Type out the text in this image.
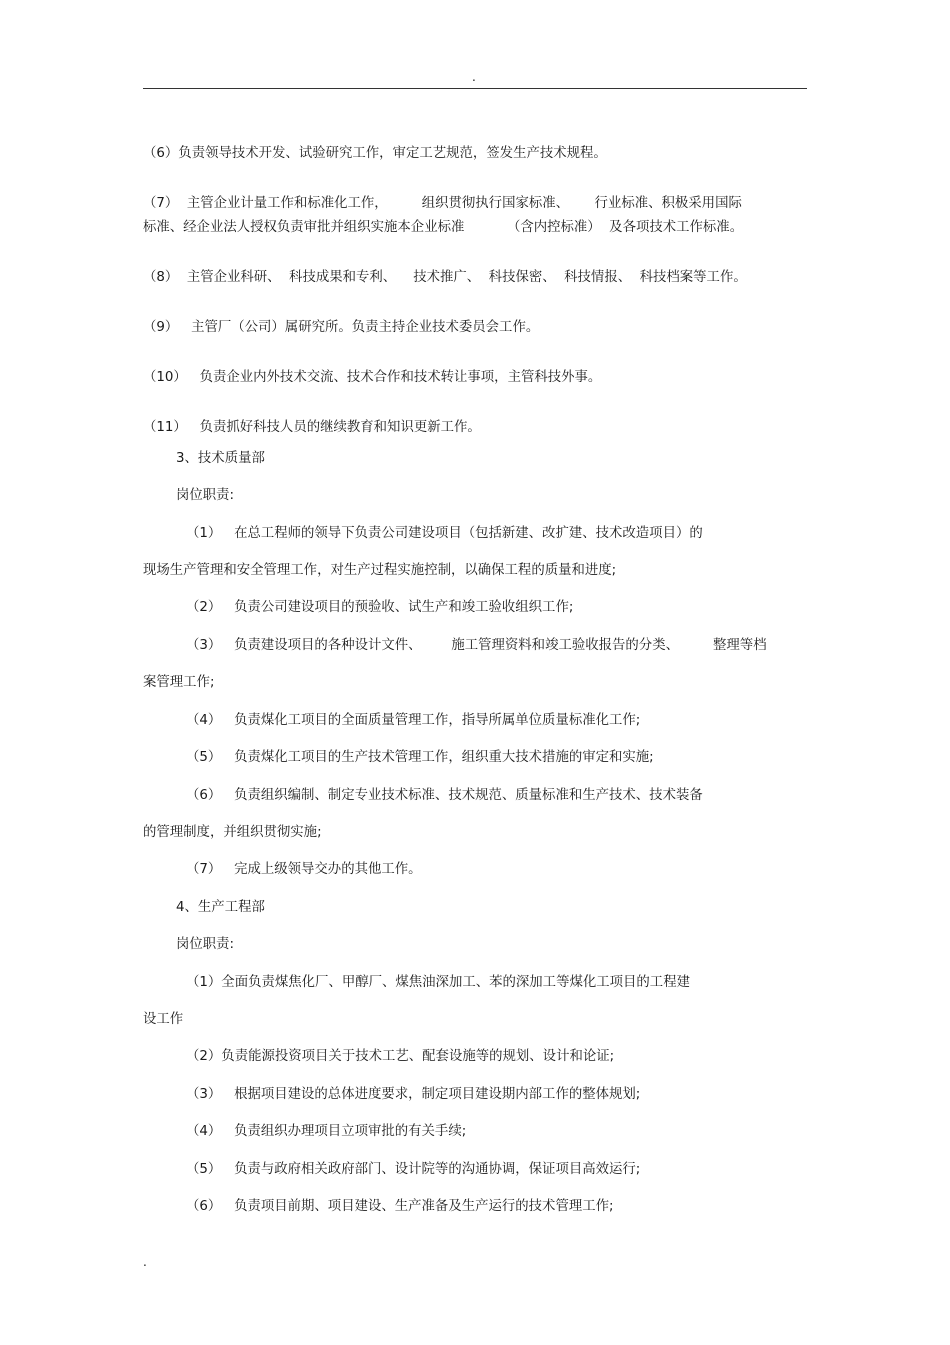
.
（6）负责领导技术开发、试验研究工作，审定工艺规范，签发生产技术规程。
（7）  主管企业计量工作和标准化工作，        组织贯彻执行国家标准、      行业标准、积极采用国际
标准、经企业法人授权负责审批并组织实施本企业标准          （含内控标准）  及各项技术工作标准。
（8）  主管企业科研、  科技成果和专利、    技术推广、  科技保密、  科技情报、  科技档案等工作。
（9）   主管厂（公司）属研究所。负责主持企业技术委员会工作。
（10）   负责企业内外技术交流、技术合作和技术转让事项，主管科技外事。
（11）   负责抓好科技人员的继续教育和知识更新工作。
3、技术质量部
岗位职责:
（1）   在总工程师的领导下负责公司建设项目（包括新建、改扩建、技术改造项目）的
现场生产管理和安全管理工作，对生产过程实施控制，以确保工程的质量和进度;
（2）   负责公司建设项目的预验收、试生产和竣工验收组织工作;
（3）   负责建设项目的各种设计文件、       施工管理资料和竣工验收报告的分类、        整理等档
案管理工作;
（4）   负责煤化工项目的全面质量管理工作，指导所属单位质量标准化工作;
（5）   负责煤化工项目的生产技术管理工作，组织重大技术措施的审定和实施;
（6）   负责组织编制、制定专业技术标准、技术规范、质量标准和生产技术、技术装备
的管理制度，并组织贯彻实施;
（7）   完成上级领导交办的其他工作。
4、生产工程部
岗位职责:
（1）全面负责煤焦化厂、甲醇厂、煤焦油深加工、苯的深加工等煤化工项目的工程建
设工作
（2）负责能源投资项目关于技术工艺、配套设施等的规划、设计和论证;
（3）   根据项目建设的总体进度要求，制定项目建设期内部工作的整体规划;
（4）   负责组织办理项目立项审批的有关手续;
（5）   负责与政府相关政府部门、设计院等的沟通协调，保证项目高效运行;
（6）   负责项目前期、项目建设、生产准备及生产运行的技术管理工作;
.
